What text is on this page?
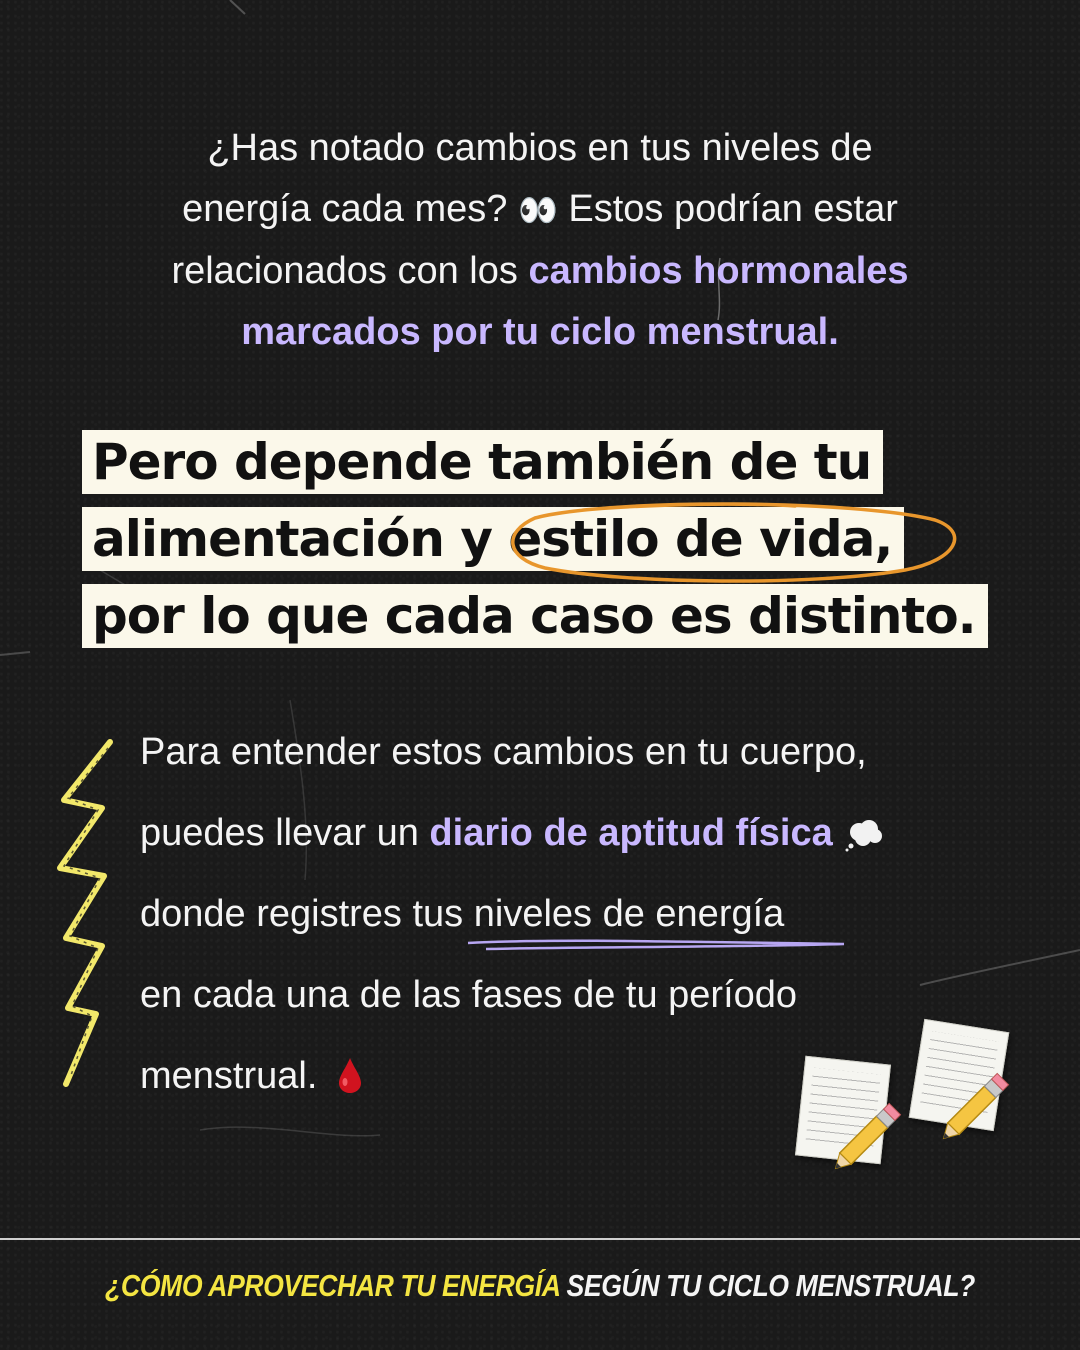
¿Has notado cambios en tus niveles de
energía cada mes? 👀 Estos podrían estar
relacionados con los cambios hormonales
marcados por tu ciclo menstrual.
Pero depende también de tu
alimentación y estilo de vida,
por lo que cada caso es distinto.
Para entender estos cambios en tu cuerpo,
puedes llevar un diario de aptitud física
donde registres tus niveles de energía

en cada una de las fases de tu período
menstrual.
¿CÓMO APROVECHAR TU ENERGÍA SEGÚN TU CICLO MENSTRUAL?
